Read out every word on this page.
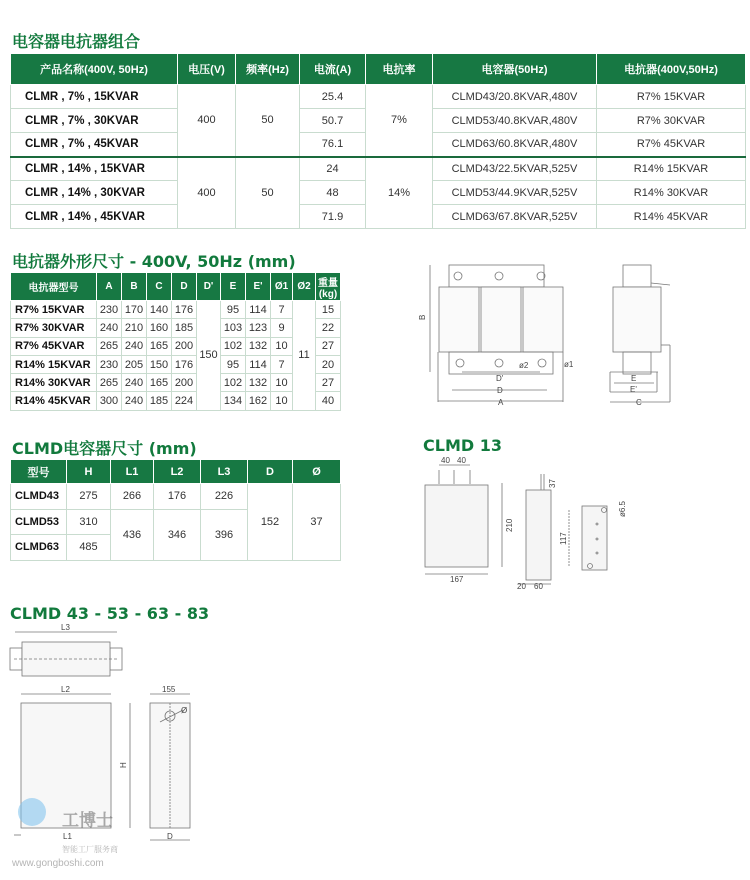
电容器电抗器组合
产品名称(400V, 50Hz)	电压(V)	频率(Hz)	电流(A)	电抗率	电容器(50Hz)	电抗器(400V,50Hz)
CLMR , 7% , 15KVAR	400	50	25.4	7%	CLMD43/20.8KVAR,480V	R7% 15KVAR
CLMR , 7% , 30KVAR			50.7		CLMD53/40.8KVAR,480V	R7% 30KVAR
CLMR , 7% , 45KVAR			76.1		CLMD63/60.8KVAR,480V	R7% 45KVAR
CLMR , 14% , 15KVAR	400	50	24	14%	CLMD43/22.5KVAR,525V	R14% 15KVAR
CLMR , 14% , 30KVAR			48		CLMD53/44.9KVAR,525V	R14% 30KVAR
CLMR , 14% , 45KVAR			71.9		CLMD63/67.8KVAR,525V	R14% 45KVAR
电抗器外形尺寸 - 400V, 50Hz (mm)
电抗器型号	A	B	C	D	D'	E	E'	Ø1	Ø2	重量(kg)
R7% 15KVAR	230	170	140	176	150	95	114	7	11	15
R7% 30KVAR	240	210	160	185		103	123	9		22
R7% 45KVAR	265	240	165	200		102	132	10		27
R14% 15KVAR	230	205	150	176		95	114	7		20
R14% 30KVAR	265	240	165	200		102	132	10		27
R14% 45KVAR	300	240	185	224		134	162	10		40
CLMD电容器尺寸 (mm)
型号	H	L1	L2	L3	D	Ø
CLMD43	275	266	176	226	152	37
CLMD53	310	436	346	396		
CLMD63	485					
CLMD 13
CLMD 43 - 53 - 63 - 83
B
D'
D
A
ø2	ø1
E
E'
C
40 40
210
37
167
20 60
117
ø6.5
L3
L2
H
L1
155
Ø
D
工博士
智能工厂服务商
www.gongboshi.com
